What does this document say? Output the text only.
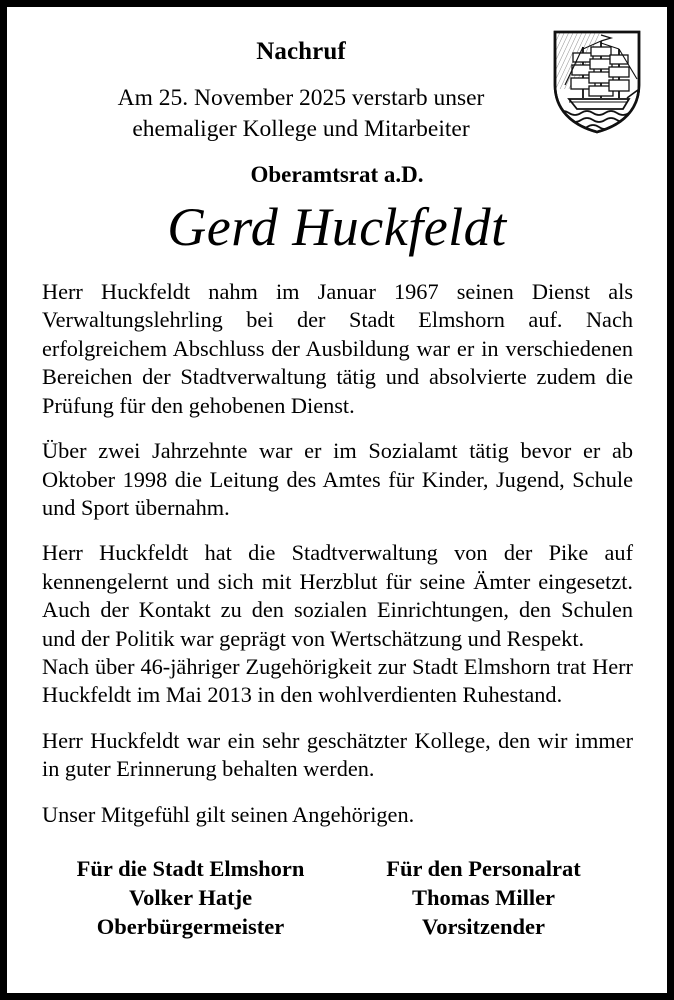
Nachruf
Am 25. November 2025 verstarb unser
ehemaliger Kollege und Mitarbeiter
Oberamtsrat a.D.
Gerd Huckfeldt

Herr Huckfeldt nahm im Januar 1967 seinen Dienst als Verwaltungslehrling bei der Stadt Elmshorn auf. Nach erfolgreichem Abschluss der Ausbildung war er in verschiedenen Bereichen der Stadtverwaltung tätig und absolvierte zudem die Prüfung für den gehobenen Dienst.

Über zwei Jahrzehnte war er im Sozialamt tätig bevor er ab Oktober 1998 die Leitung des Amtes für Kinder, Jugend, Schule und Sport übernahm.

Herr Huckfeldt hat die Stadtverwaltung von der Pike auf kennengelernt und sich mit Herzblut für seine Ämter eingesetzt. Auch der Kontakt zu den sozialen Einrichtungen, den Schulen und der Politik war geprägt von Wertschätzung und Respekt.

Nach über 46-jähriger Zugehörigkeit zur Stadt Elmshorn trat Herr Huckfeldt im Mai 2013 in den wohlverdienten Ruhestand.

Herr Huckfeldt war ein sehr geschätzter Kollege, den wir immer in guter Erinnerung behalten werden.

Unser Mitgefühl gilt seinen Angehörigen.

Für die Stadt Elmshorn
Volker Hatje
Oberbürgermeister
Für den Personalrat
Thomas Miller
Vorsitzender
